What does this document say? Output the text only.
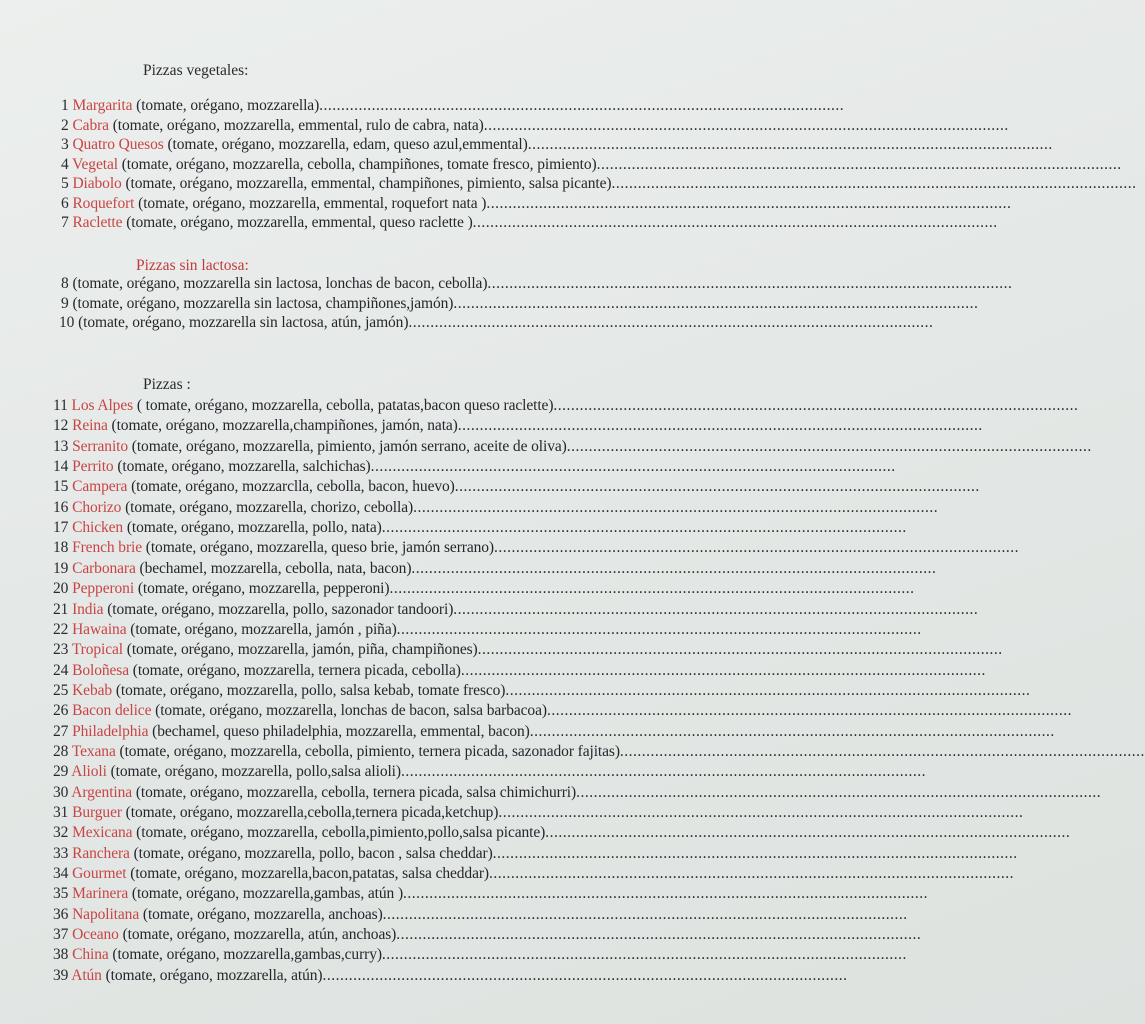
Pizzas vegetales:
1 Margarita (tomate, orégano, mozzarella)........................................................................................................................
2 Cabra (tomate, orégano, mozzarella, emmental, rulo de cabra, nata)........................................................................................................................
3 Quatro Quesos (tomate, orégano, mozzarella, edam, queso azul,emmental)........................................................................................................................
4 Vegetal (tomate, orégano, mozzarella, cebolla, champiñones, tomate fresco, pimiento)........................................................................................................................
5 Diabolo (tomate, orégano, mozzarella, emmental, champiñones, pimiento, salsa picante)........................................................................................................................
6 Roquefort (tomate, orégano, mozzarella, emmental, roquefort nata )........................................................................................................................
7 Raclette (tomate, orégano, mozzarella, emmental, queso raclette )........................................................................................................................
Pizzas sin lactosa:
8 (tomate, orégano, mozzarella sin lactosa, lonchas de bacon, cebolla)........................................................................................................................
9 (tomate, orégano, mozzarella sin lactosa, champiñones,jamón)........................................................................................................................
10 (tomate, orégano, mozzarella sin lactosa, atún, jamón)........................................................................................................................
Pizzas :
11 Los Alpes ( tomate, orégano, mozzarella, cebolla, patatas,bacon queso raclette)........................................................................................................................
12 Reina (tomate, orégano, mozzarella,champiñones, jamón, nata)........................................................................................................................
13 Serranito (tomate, orégano, mozzarella, pimiento, jamón serrano, aceite de oliva)........................................................................................................................
14 Perrito (tomate, orégano, mozzarella, salchichas)........................................................................................................................
15 Campera (tomate, orégano, mozzarclla, cebolla, bacon, huevo)........................................................................................................................
16 Chorizo (tomate, orégano, mozzarella, chorizo, cebolla)........................................................................................................................
17 Chicken (tomate, orégano, mozzarella, pollo, nata)........................................................................................................................
18 French brie (tomate, orégano, mozzarella, queso brie, jamón serrano)........................................................................................................................
19 Carbonara (bechamel, mozzarella, cebolla, nata, bacon)........................................................................................................................
20 Pepperoni (tomate, orégano, mozzarella, pepperoni)........................................................................................................................
21 India (tomate, orégano, mozzarella, pollo, sazonador tandoori)........................................................................................................................
22 Hawaina (tomate, orégano, mozzarella, jamón , piña)........................................................................................................................
23 Tropical (tomate, orégano, mozzarella, jamón, piña, champiñones)........................................................................................................................
24 Boloñesa (tomate, orégano, mozzarella, ternera picada, cebolla)........................................................................................................................
25 Kebab (tomate, orégano, mozzarella, pollo, salsa kebab, tomate fresco)........................................................................................................................
26 Bacon delice (tomate, orégano, mozzarella, lonchas de bacon, salsa barbacoa)........................................................................................................................
27 Philadelphia (bechamel, queso philadelphia, mozzarella, emmental, bacon)........................................................................................................................
28 Texana (tomate, orégano, mozzarella, cebolla, pimiento, ternera picada, sazonador fajitas)........................................................................................................................
29 Alioli (tomate, orégano, mozzarella, pollo,salsa alioli)........................................................................................................................
30 Argentina (tomate, orégano, mozzarella, cebolla, ternera picada, salsa chimichurri)........................................................................................................................
31 Burguer (tomate, orégano, mozzarella,cebolla,ternera picada,ketchup)........................................................................................................................
32 Mexicana (tomate, orégano, mozzarella, cebolla,pimiento,pollo,salsa picante)........................................................................................................................
33 Ranchera (tomate, orégano, mozzarella, pollo, bacon , salsa cheddar)........................................................................................................................
34 Gourmet (tomate, orégano, mozzarella,bacon,patatas, salsa cheddar)........................................................................................................................
35 Marinera (tomate, orégano, mozzarella,gambas, atún )........................................................................................................................
36 Napolitana (tomate, orégano, mozzarella, anchoas)........................................................................................................................
37 Oceano (tomate, orégano, mozzarella, atún, anchoas)........................................................................................................................
38 China (tomate, orégano, mozzarella,gambas,curry)........................................................................................................................
39 Atún (tomate, orégano, mozzarella, atún)........................................................................................................................
